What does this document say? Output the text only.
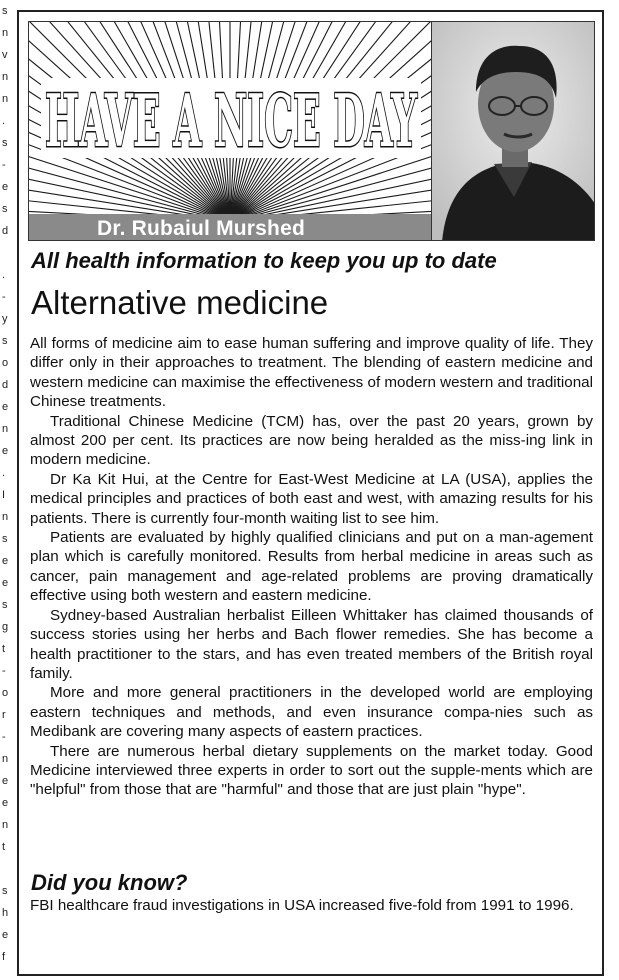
s
n
v
n
n
.
s
-
e
s
d
.
-
y
s
o
d
e
n
e
.
I
n
s
e
e
s
g
t
-
o
r
-
n
e
e
n
t
s
h
e
f
HAVE A NICE DAY
Dr. Rubaiul Murshed
All health information to keep you up to date
Alternative medicine

All forms of medicine aim to ease human suffering and improve quality of life. They differ only in their approaches to treatment. The blending of eastern medicine and western medicine can maximise the effectiveness of modern western and traditional Chinese treatments.

Traditional Chinese Medicine (TCM) has, over the past 20 years, grown by almost 200 per cent. Its practices are now being heralded as the miss-ing link in modern medicine.

Dr Ka Kit Hui, at the Centre for East-West Medicine at LA (USA), applies the medical principles and practices of both east and west, with amazing results for his patients. There is currently four-month waiting list to see him.

Patients are evaluated by highly qualified clinicians and put on a man-agement plan which is carefully monitored. Results from herbal medicine in areas such as cancer, pain management and age-related problems are proving dramatically effective using both western and eastern medicine.

Sydney-based Australian herbalist Eilleen Whittaker has claimed thousands of success stories using her herbs and Bach flower remedies. She has become a health practitioner to the stars, and has even treated members of the British royal family.

More and more general practitioners in the developed world are employing eastern techniques and methods, and even insurance compa-nies such as Medibank are covering many aspects of eastern practices.

There are numerous herbal dietary supplements on the market today. Good Medicine interviewed three experts in order to sort out the supple-ments which are "helpful" from those that are "harmful" and those that are just plain "hype".

Did you know?
FBI healthcare fraud investigations in USA increased five-fold from 1991 to 1996.
